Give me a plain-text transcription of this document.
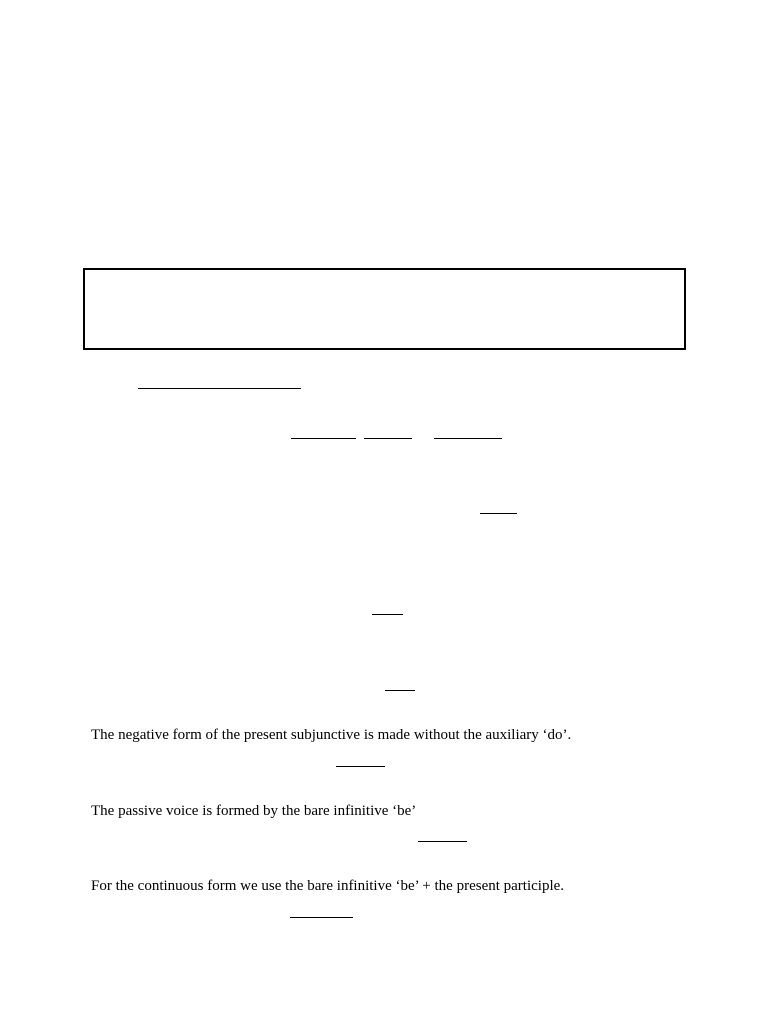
The negative form of the present subjunctive is made without the auxiliary ‘do’.
The passive voice is formed by the bare infinitive ‘be’
For the continuous form we use the bare infinitive ‘be’ + the present participle.
